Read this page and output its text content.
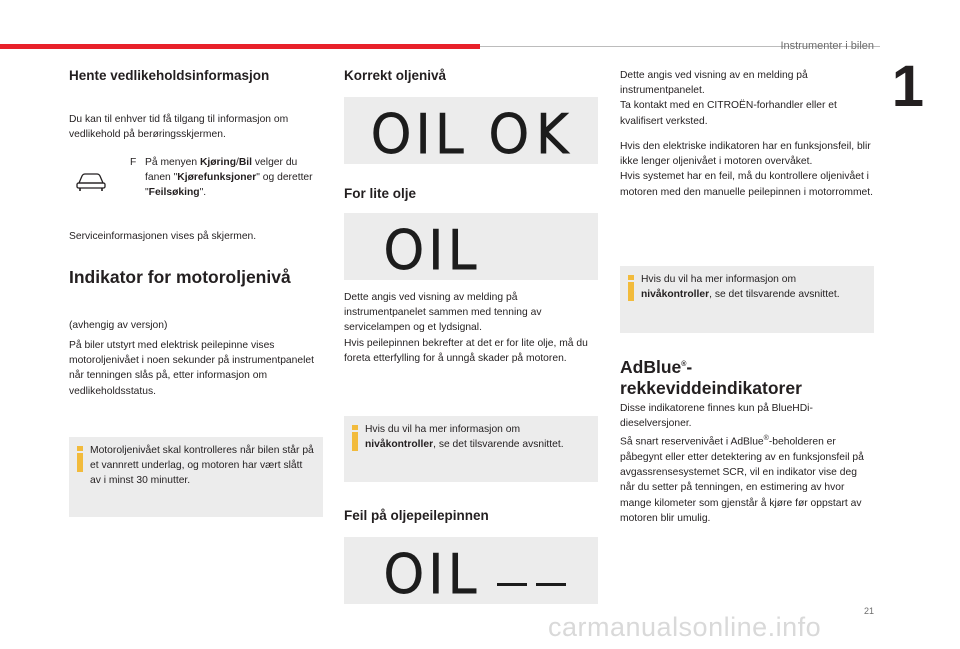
Instrumenter i bilen
1
Hente vedlikeholdsinformasjon
Du kan til enhver tid få tilgang til informasjon om vedlikehold på berøringsskjermen.
F På menyen Kjøring/Bil velger du fanen "Kjørefunksjoner" og deretter "Feilsøking".
Serviceinformasjonen vises på skjermen.
Indikator for motoroljenivå
(avhengig av versjon)
På biler utstyrt med elektrisk peilepinne vises motoroljenivået i noen sekunder på instrumentpanelet når tenningen slås på, etter informasjon om vedlikeholdsstatus.
Motoroljenivået skal kontrolleres når bilen står på et vannrett underlag, og motoren har vært slått av i minst 30 minutter.
Korrekt oljenivå
OIL OK
For lite olje
OIL
Dette angis ved visning av melding på instrumentpanelet sammen med tenning av servicelampen og et lydsignal.
Hvis peilepinnen bekrefter at det er for lite olje, må du foreta etterfylling for å unngå skader på motoren.
Hvis du vil ha mer informasjon om nivåkontroller, se det tilsvarende avsnittet.
Feil på oljepeilepinnen
OIL
Dette angis ved visning av en melding på instrumentpanelet.
Ta kontakt med en CITROËN-forhandler eller et kvalifisert verksted.
Hvis den elektriske indikatoren har en funksjonsfeil, blir ikke lenger oljenivået i motoren overvåket.
Hvis systemet har en feil, må du kontrollere oljenivået i motoren med den manuelle peilepinnen i motorrommet.
Hvis du vil ha mer informasjon om nivåkontroller, se det tilsvarende avsnittet.
AdBlue®-
rekkeviddeindikatorer
Disse indikatorene finnes kun på BlueHDi-dieselversjoner.
Så snart reservenivået i AdBlue®-beholderen er påbegynt eller etter detektering av en funksjonsfeil på avgassrensesystemet SCR, vil en indikator vise deg når du setter på tenningen, en estimering av hvor mange kilometer som gjenstår å kjøre før oppstart av motoren blir umulig.
21
carmanualsonline.info
